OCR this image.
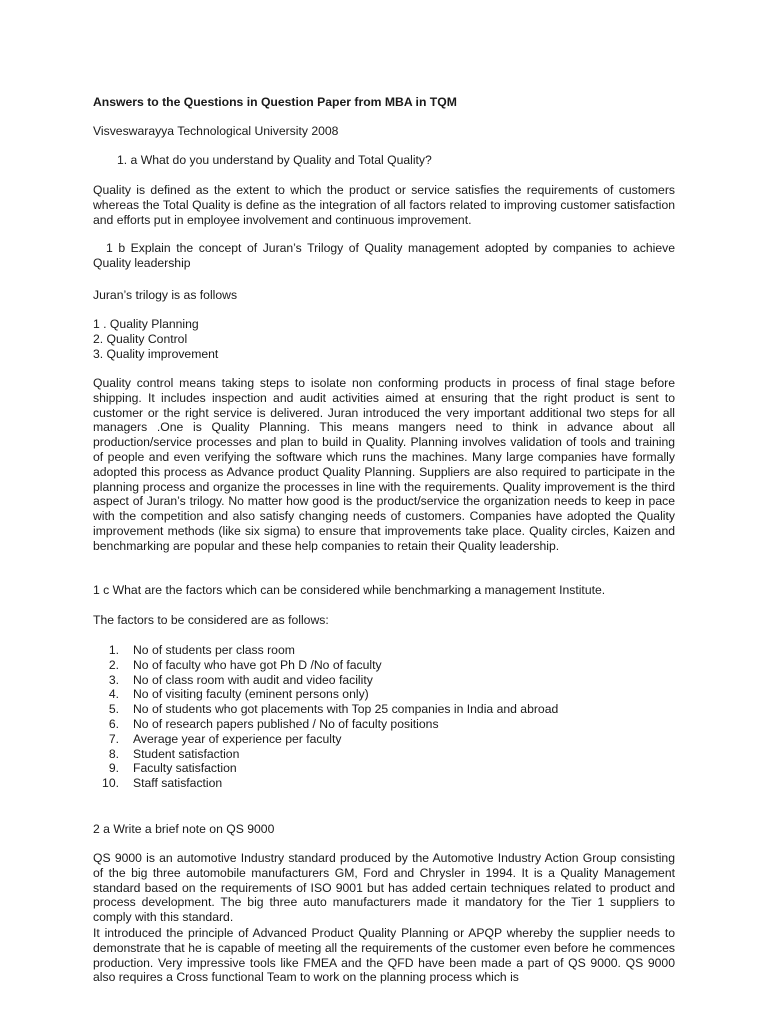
Answers to the Questions in Question Paper from MBA in TQM
Visveswarayya Technological University 2008
1. a What do you understand by Quality and Total Quality?
Quality is defined as the extent to which the product or service satisfies the requirements of customers whereas the Total Quality is define as the integration of all factors related to improving customer satisfaction and efforts put in employee involvement and continuous improvement.
1 b Explain the concept of Juran’s Trilogy of Quality management adopted by companies to achieve Quality leadership
Juran’s trilogy is as follows
1 . Quality Planning
2. Quality Control
3. Quality improvement
Quality control means taking steps to isolate non conforming products in process of final stage before shipping. It includes inspection and audit activities aimed at ensuring that the right product is sent to customer or the right service is delivered. Juran introduced the very important additional two steps for all managers .One is Quality Planning. This means mangers need to think in advance about all production/service processes and plan to build in Quality. Planning involves validation of tools and training of people and even verifying the software which runs the machines. Many large companies have formally adopted this process as Advance product Quality Planning. Suppliers are also required to participate in the planning process and organize the processes in line with the requirements. Quality improvement is the third aspect of Juran’s trilogy. No matter how good is the product/service the organization needs to keep in pace with the competition and also satisfy changing needs of customers. Companies have adopted the Quality improvement methods (like six sigma) to ensure that improvements take place. Quality circles, Kaizen and benchmarking are popular and these help companies to retain their Quality leadership.
1 c What are the factors which can be considered while benchmarking a management Institute.
The factors to be considered are as follows:
1. No of students per class room
2. No of faculty who have got Ph D /No of faculty
3. No of class room with audit and video facility
4. No of visiting faculty (eminent persons only)
5. No of students who got placements with Top 25 companies in India and abroad
6. No of research papers published / No of faculty positions
7. Average year of experience per faculty
8. Student satisfaction
9. Faculty satisfaction
10. Staff satisfaction
2 a Write a brief note on QS 9000
QS 9000 is an automotive Industry standard produced by the Automotive Industry Action Group consisting of the big three automobile manufacturers GM, Ford and Chrysler in 1994. It is a Quality Management standard based on the requirements of ISO 9001 but has added certain techniques related to product and process development. The big three auto manufacturers made it mandatory for the Tier 1 suppliers to comply with this standard.
It introduced the principle of Advanced Product Quality Planning or APQP whereby the supplier needs to demonstrate that he is capable of meeting all the requirements of the customer even before he commences production. Very impressive tools like FMEA and the QFD have been made a part of QS 9000. QS 9000 also requires a Cross functional Team to work on the planning process which is
